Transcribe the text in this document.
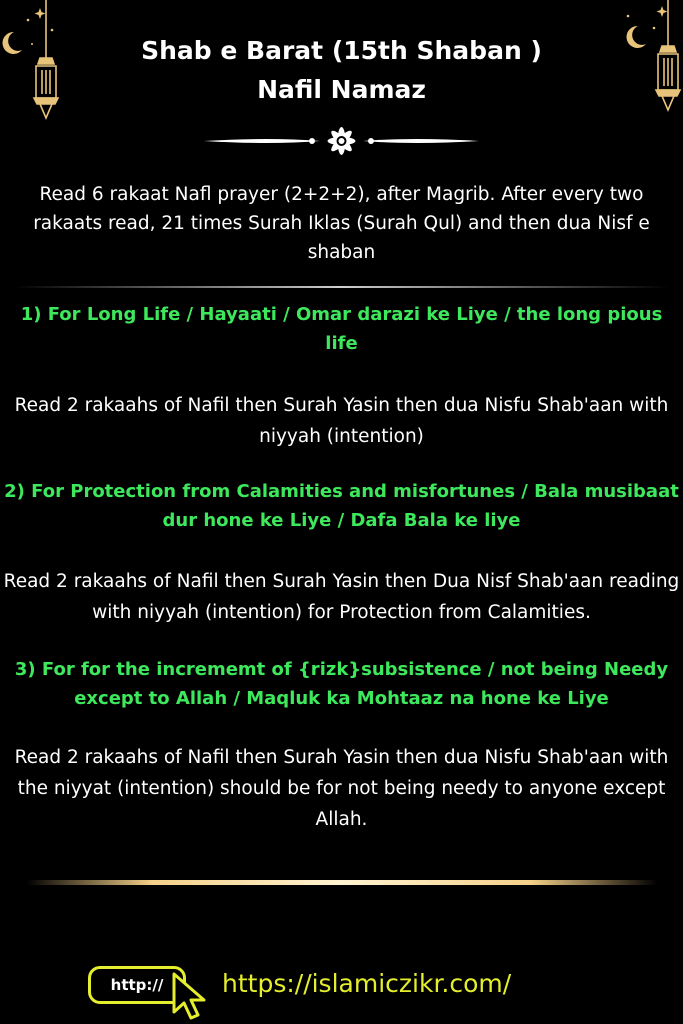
Shab e Barat (15th Shaban )
Nafil Namaz
Read 6 rakaat Nafl prayer (2+2+2), after Magrib. After every two rakaats read, 21 times Surah Iklas (Surah Qul) and then dua Nisf e shaban
1) For Long Life / Hayaati / Omar darazi ke Liye / the long pious life
Read 2 rakaahs of Nafil then Surah Yasin then dua Nisfu Shab'aan with niyyah (intention)
2) For Protection from Calamities and misfortunes / Bala musibaat dur hone ke Liye / Dafa Bala ke liye
Read 2 rakaahs of Nafil then Surah Yasin then Dua Nisf Shab'aan reading with niyyah (intention) for Protection from Calamities.
3) For for the incrememt of {rizk}subsistence / not being Needy except to Allah / Maqluk ka Mohtaaz na hone ke Liye
Read 2 rakaahs of Nafil then Surah Yasin then dua Nisfu Shab'aan with the niyyat (intention) should be for not being needy to anyone except Allah.
http:// https://islamiczikr.com/
